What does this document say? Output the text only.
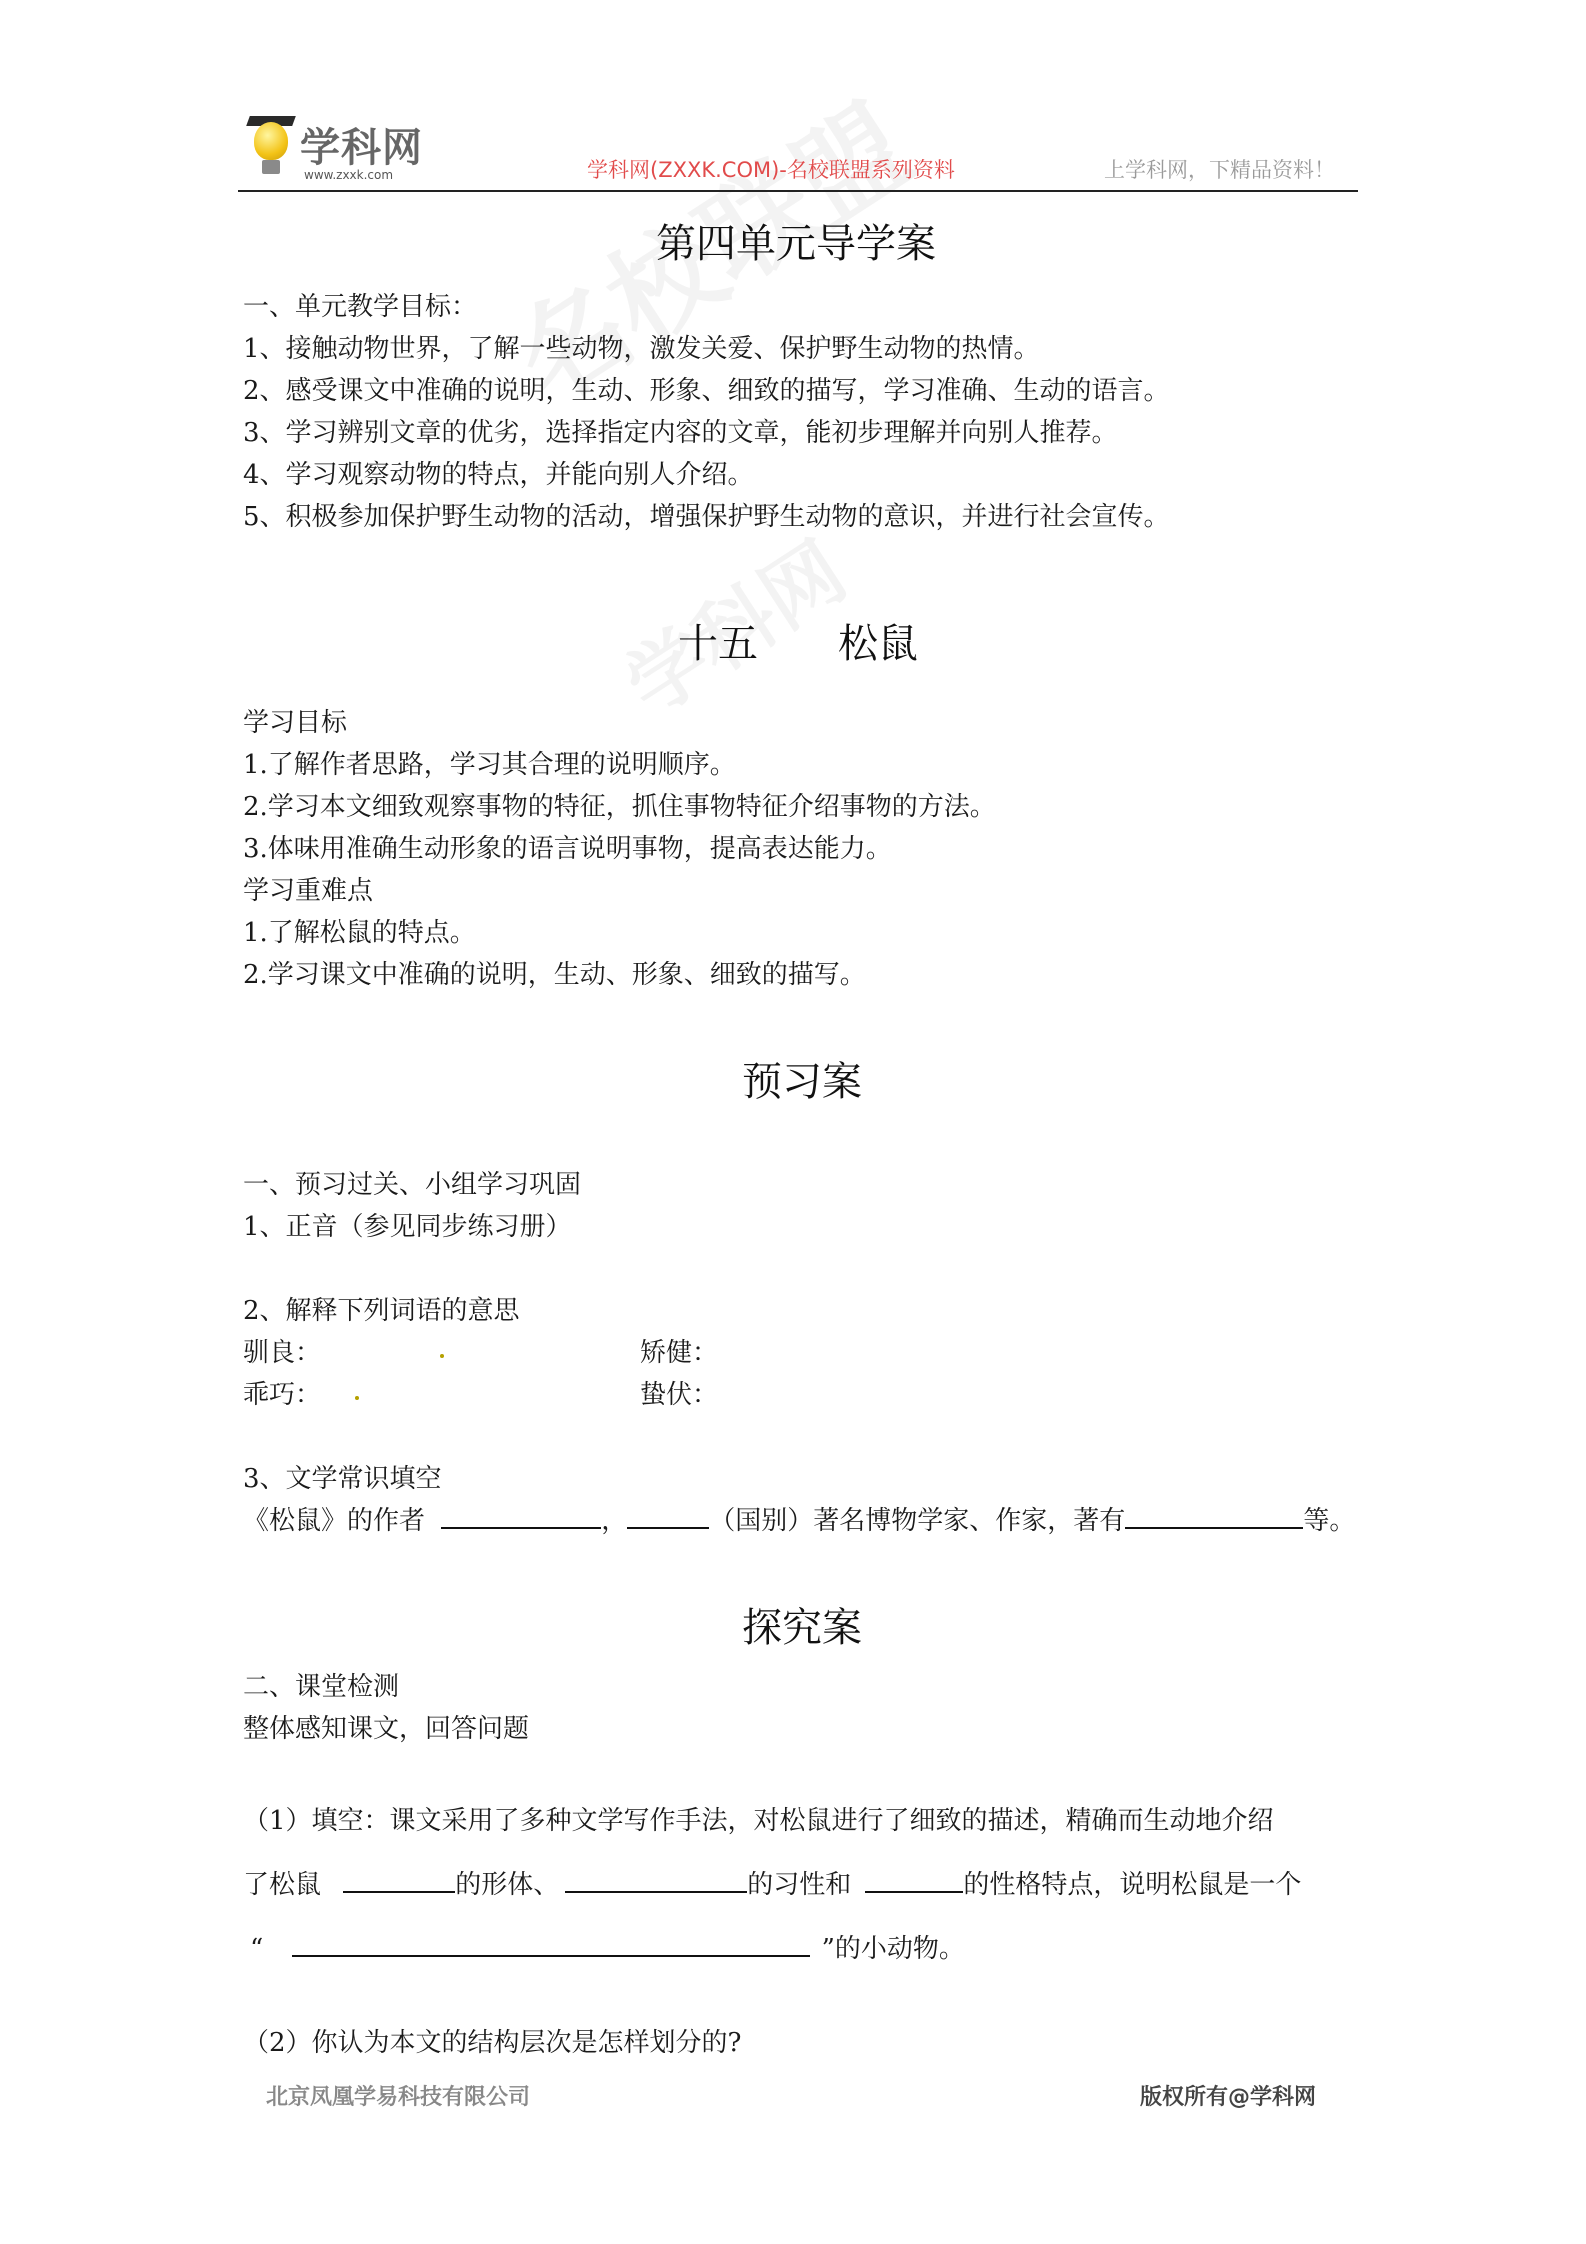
学科网
www.zxxk.com	学科网(ZXXK.COM)-名校联盟系列资料	上学科网，下精品资料！
第四单元导学案
一、单元教学目标：
1、接触动物世界，了解一些动物，激发关爱、保护野生动物的热情。
2、感受课文中准确的说明，生动、形象、细致的描写，学习准确、生动的语言。
3、学习辨别文章的优劣，选择指定内容的文章，能初步理解并向别人推荐。
4、学习观察动物的特点，并能向别人介绍。
5、积极参加保护野生动物的活动，增强保护野生动物的意识，并进行社会宣传。
十五　　松鼠
学习目标
1.了解作者思路，学习其合理的说明顺序。
2.学习本文细致观察事物的特征，抓住事物特征介绍事物的方法。
3.体味用准确生动形象的语言说明事物，提高表达能力。
学习重难点
1.了解松鼠的特点。
2.学习课文中准确的说明，生动、形象、细致的描写。
预习案
一、预习过关、小组学习巩固
1、正音（参见同步练习册）
2、解释下列词语的意思
驯良：	矫健：
乖巧：	蛰伏：
3、文学常识填空
《松鼠》的作者	，	（国别）著名博物学家、作家，著有	等。
探究案
二、课堂检测
整体感知课文，回答问题
（1）填空：课文采用了多种文学写作手法，对松鼠进行了细致的描述，精确而生动地介绍
了松鼠	的形体、	的习性和	的性格特点，说明松鼠是一个
“	”的小动物。
（2）你认为本文的结构层次是怎样划分的?
北京凤凰学易科技有限公司	版权所有@学科网
